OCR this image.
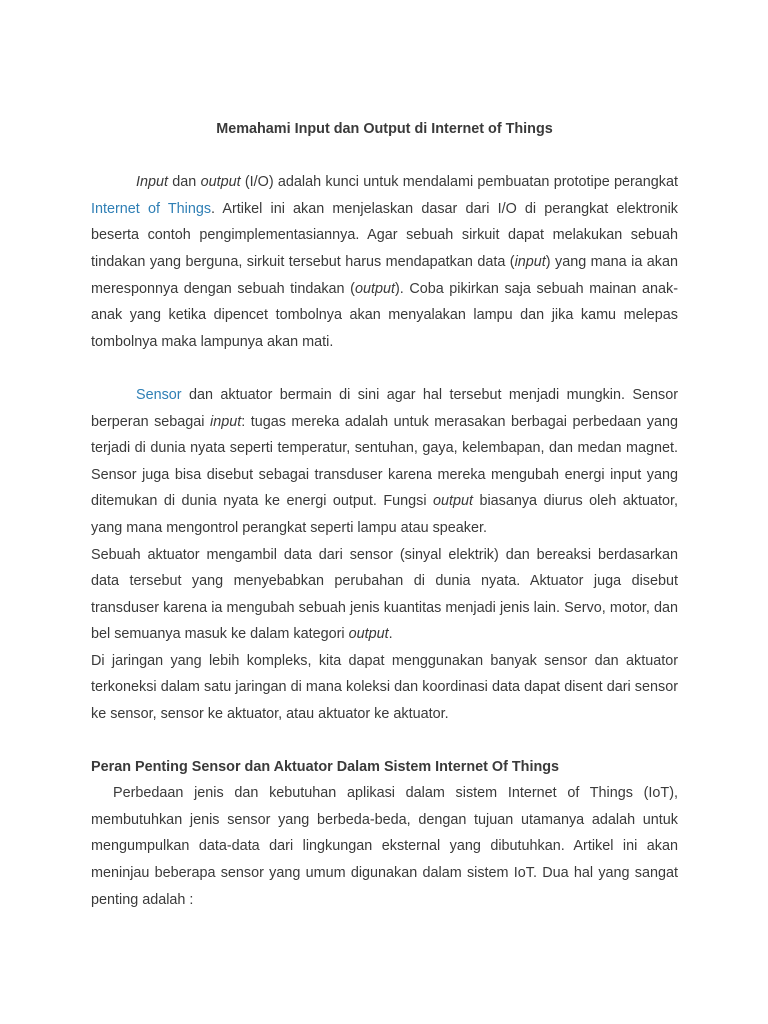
Memahami Input dan Output di Internet of Things

Input dan output (I/O) adalah kunci untuk mendalami pembuatan prototipe perangkat Internet of Things. Artikel ini akan menjelaskan dasar dari I/O di perangkat elektronik beserta contoh pengimplementasiannya. Agar sebuah sirkuit dapat melakukan sebuah tindakan yang berguna, sirkuit tersebut harus mendapatkan data (input) yang mana ia akan meresponnya dengan sebuah tindakan (output). Coba pikirkan saja sebuah mainan anak-anak yang ketika dipencet tombolnya akan menyalakan lampu dan jika kamu melepas tombolnya maka lampunya akan mati.

Sensor dan aktuator bermain di sini agar hal tersebut menjadi mungkin. Sensor berperan sebagai input: tugas mereka adalah untuk merasakan berbagai perbedaan yang terjadi di dunia nyata seperti temperatur, sentuhan, gaya, kelembapan, dan medan magnet. Sensor juga bisa disebut sebagai transduser karena mereka mengubah energi input yang ditemukan di dunia nyata ke energi output. Fungsi output biasanya diurus oleh aktuator, yang mana mengontrol perangkat seperti lampu atau speaker.

Sebuah aktuator mengambil data dari sensor (sinyal elektrik) dan bereaksi berdasarkan data tersebut yang menyebabkan perubahan di dunia nyata. Aktuator juga disebut transduser karena ia mengubah sebuah jenis kuantitas menjadi jenis lain. Servo, motor, dan bel semuanya masuk ke dalam kategori output.

Di jaringan yang lebih kompleks, kita dapat menggunakan banyak sensor dan aktuator terkoneksi dalam satu jaringan di mana koleksi dan koordinasi data dapat disent dari sensor ke sensor, sensor ke aktuator, atau aktuator ke aktuator.

Peran Penting Sensor dan Aktuator Dalam Sistem Internet Of Things

Perbedaan jenis dan kebutuhan aplikasi dalam sistem Internet of Things (IoT), membutuhkan jenis sensor yang berbeda-beda, dengan tujuan utamanya adalah untuk mengumpulkan data-data dari lingkungan eksternal yang dibutuhkan. Artikel ini akan meninjau beberapa sensor yang umum digunakan dalam sistem IoT. Dua hal yang sangat penting adalah :
